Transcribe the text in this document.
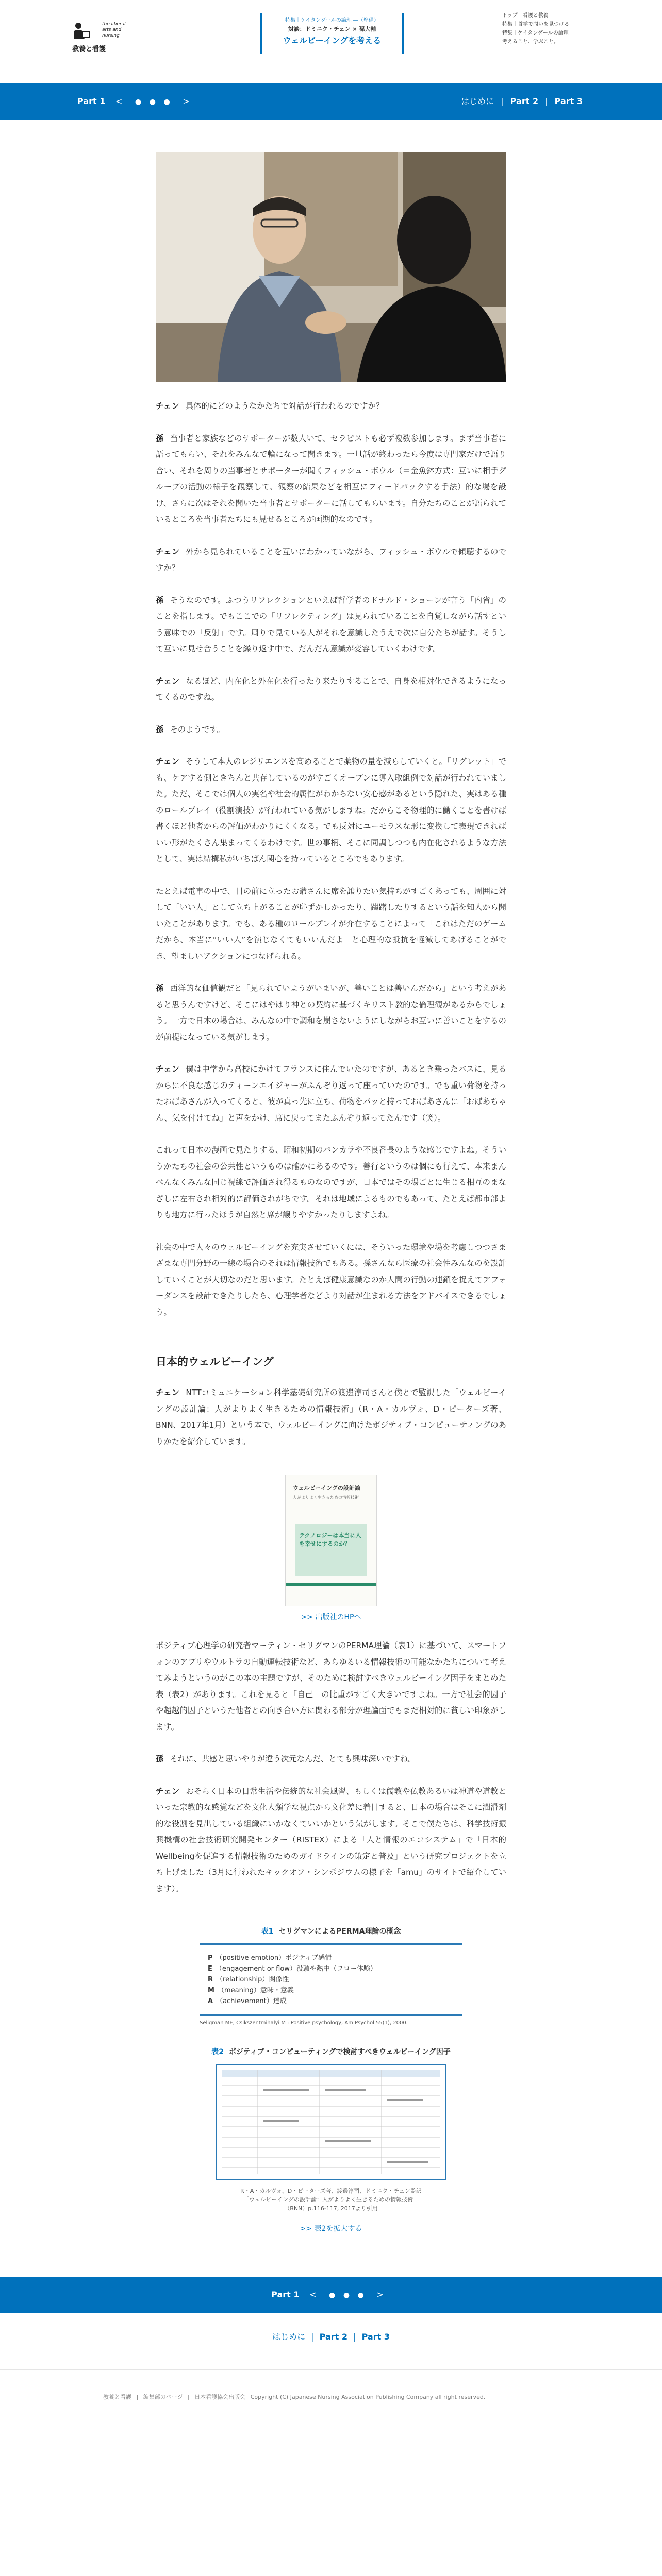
the liberal
arts and
nursing
教養と看護
特集｜ケイタンダールの論理 ―（準備）
対談：ドミニク・チェン × 孫大輔
ウェルビーイングを考える
トップ｜看護と教養
特集｜哲学で問いを見つける
特集｜ケイタンダールの論理
考えること、学ぶこと。
Part 1 < ● ● ● >	はじめに | Part 2 | Part 3

チェン 具体的にどのようなかたちで対話が行われるのですか？

孫 当事者と家族などのサポーターが数人いて、セラピストも必ず複数参加します。まず当事者に語ってもらい、それをみんなで輪になって聞きます。一旦話が終わったら今度は専門家だけで語り合い、それを周りの当事者とサポーターが聞くフィッシュ・ボウル（＝金魚鉢方式：互いに相手グループの活動の様子を観察して、観察の結果などを相互にフィードバックする手法）的な場を設け、さらに次はそれを聞いた当事者とサポーターに話してもらいます。自分たちのことが語られているところを当事者たちにも見せるところが画期的なのです。

チェン 外から見られていることを互いにわかっていながら、フィッシュ・ボウルで傾聴するのですか？

孫 そうなのです。ふつうリフレクションといえば哲学者のドナルド・ショーンが言う「内省」のことを指します。でもここでの「リフレクティング」は見られていることを自覚しながら話すという意味での「反射」です。周りで見ている人がそれを意識したうえで次に自分たちが話す。そうして互いに見せ合うことを繰り返す中で、だんだん意識が変容していくわけです。

チェン なるほど、内在化と外在化を行ったり来たりすることで、自身を相対化できるようになってくるのですね。

孫 そのようです。

チェン そうして本人のレジリエンスを高めることで薬物の量を減らしていくと。「リグレット」でも、ケアする側ときちんと共存しているのがすごくオープンに導入取組例で対話が行われていました。ただ、そこでは個人の実名や社会的属性がわからない安心感があるという隠れた、実はある種のロールプレイ（役割演技）が行われている気がしますね。だからこそ物理的に働くことを書けば書くほど他者からの評価がわかりにくくなる。でも反対にユーモラスな形に変換して表現できればいい形がたくさん集まってくるわけです。世の事柄、そこに同調しつつも内在化されるような方法として、実は結構私がいちばん関心を持っているところでもあります。

たとえば電車の中で、目の前に立ったお爺さんに席を譲りたい気持ちがすごくあっても、周囲に対して「いい人」として立ち上がることが恥ずかしかったり、躊躇したりするという話を知人から聞いたことがあります。でも、ある種のロールプレイが介在することによって「これはただのゲームだから、本当に“いい人”を演じなくてもいいんだよ」と心理的な抵抗を軽減してあげることができ、望ましいアクションにつなげられる。

孫 西洋的な価値観だと「見られていようがいまいが、善いことは善いんだから」という考えがあると思うんですけど、そこにはやはり神との契約に基づくキリスト教的な倫理観があるからでしょう。一方で日本の場合は、みんなの中で調和を崩さないようにしながらお互いに善いことをするのが前提になっている気がします。

チェン 僕は中学から高校にかけてフランスに住んでいたのですが、あるとき乗ったバスに、見るからに不良な感じのティーンエイジャーがふんぞり返って座っていたのです。でも重い荷物を持ったおばあさんが入ってくると、彼が真っ先に立ち、荷物をパッと持っておばあさんに「おばあちゃん、気を付けてね」と声をかけ、席に戻ってまたふんぞり返ってたんです（笑）。

これって日本の漫画で見たりする、昭和初期のバンカラや不良番長のような感じですよね。そういうかたちの社会の公共性というものは確かにあるのです。善行というのは個にも行えて、本来まんべんなくみんな同じ視線で評価され得るものなのですが、日本ではその場ごとに生じる相互のまなざしに左右され相対的に評価されがちです。それは地域によるものでもあって、たとえば都市部よりも地方に行ったほうが自然と席が譲りやすかったりしますよね。

社会の中で人々のウェルビーイングを充実させていくには、そういった環境や場を考慮しつつさまざまな専門分野の一線の場合のそれは情報技術でもある。孫さんなら医療の社会性みんなのを設計していくことが大切なのだと思います。たとえば健康意識なのか人間の行動の連鎖を捉えてアフォーダンスを設計できたりしたら、心理学者などより対話が生まれる方法をアドバイスできるでしょう。

日本的ウェルビーイング

チェン NTTコミュニケーション科学基礎研究所の渡邊淳司さんと僕とで監訳した「ウェルビーイングの設計論：人がよりよく生きるための情報技術」（R・A・カルヴォ、D・ピーターズ著、BNN、2017年1月）という本で、ウェルビーイングに向けたポジティブ・コンピューティングのありかたを紹介しています。

ウェルビーイングの設計論
人がよりよく生きるための情報技術
テクノロジーは本当に人を幸せにするのか？
>> 出版社のHPへ

ポジティブ心理学の研究者マーティン・セリグマンのPERMA理論（表1）に基づいて、スマートフォンのアプリやウルトラの自動運転技術など、あらゆるいる情報技術の可能なかたちについて考えてみようというのがこの本の主題ですが、そのために検討すべきウェルビーイング因子をまとめた表（表2）があります。これを見ると「自己」の比重がすごく大きいですよね。一方で社会的因子や超越的因子というた他者との向き合い方に関わる部分が理論面でもまだ相対的に貧しい印象がします。

孫 それに、共感と思いやりが違う次元なんだ、とても興味深いですね。

チェン おそらく日本の日常生活や伝統的な社会風習、もしくは儒教や仏教あるいは神道や道教といった宗教的な感覚などを文化人類学な視点から文化差に着目すると、日本の場合はそこに潤滑剤的な役割を見出している組織にいかなくていいかという気がします。そこで僕たちは、科学技術振興機構の社会技術研究開発センター（RISTEX）による「人と情報のエコシステム」で「日本的Wellbeingを促進する情報技術のためのガイドラインの策定と普及」という研究プロジェクトを立ち上げました（3月に行われたキックオフ・シンポジウムの様子を「amu」のサイトで紹介しています）。

表1 セリグマンによるPERMA理論の概念
P （positive emotion）ポジティブ感情
E （engagement or flow）没頭や熱中（フロー体験）
R （relationship）関係性
M （meaning）意味・意義
A （achievement）達成
Seligman ME, Csikszentmihalyi M : Positive psychology, Am Psychol 55(1), 2000.
表2 ポジティブ・コンピューティングで検討すべきウェルビーイング因子
R・A・カルヴォ、D・ピーターズ著、渡邊淳司、ドミニク・チェン監訳
「ウェルビーイングの設計論：人がよりよく生きるための情報技術」
（BNN）p.116-117, 2017より引用
>> 表2を拡大する
Part 1 < ● ● ● >
はじめに | Part 2 | Part 3
教養と看護 | 編集部のページ | 日本看護協会出版会 Copyright (C) Japanese Nursing Association Publishing Company all right reserved.
